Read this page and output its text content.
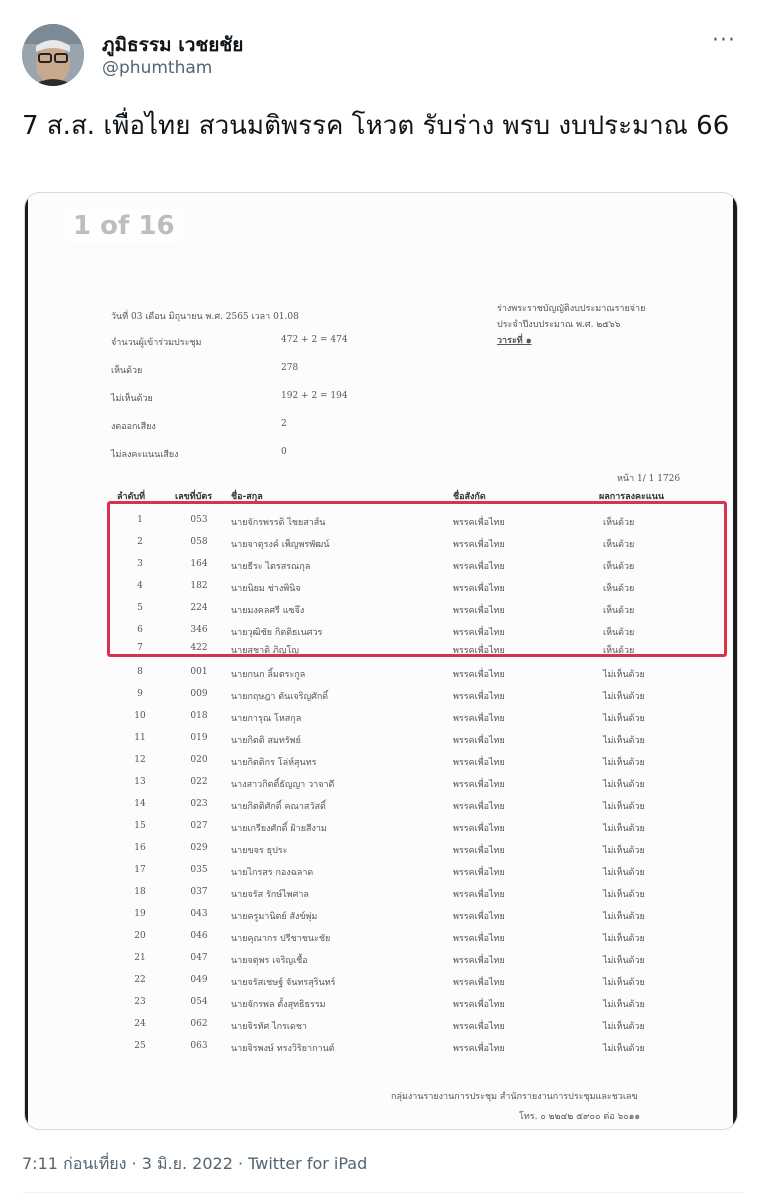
ภูมิธรรม เวชยชัย
@phumtham
···
7 ส.ส. เพื่อไทย สวนมติพรรค โหวต รับร่าง พรบ งบประมาณ 66
วันที่ 03 เดือน มิถุนายน พ.ศ. 2565 เวลา 01.08
ร่างพระราชบัญญัติงบประมาณรายจ่าย
ประจำปีงบประมาณ พ.ศ. ๒๕๖๖
วาระที่ ๑
จำนวนผู้เข้าร่วมประชุม	472 + 2 = 474
เห็นด้วย	278
ไม่เห็นด้วย	192 + 2 = 194
งดออกเสียง	2
ไม่ลงคะแนนเสียง	0
หน้า 1/ 1 1726
ลำดับที่	เลขที่บัตร ชื่อ-สกุล	ชื่อสังกัด	ผลการลงคะแนน
1	053	นายจักรพรรดิ ไชยสาส์น	พรรคเพื่อไทย	เห็นด้วย
2	058	นายจาตุรงค์ เพ็ญพรพัฒน์	พรรคเพื่อไทย	เห็นด้วย
3	164	นายธีระ ไตรสรณกุล	พรรคเพื่อไทย	เห็นด้วย
4	182	นายนิยม ช่างพินิจ	พรรคเพื่อไทย	เห็นด้วย
5	224	นายมงคลศรี แซจึง	พรรคเพื่อไทย	เห็นด้วย
6	346	นายวุฒิชัย กิตติธเนศวร	พรรคเพื่อไทย	เห็นด้วย
7	422	นายสุชาติ ภิญโญ	พรรคเพื่อไทย	เห็นด้วย
8	001	นายกนก ลิ้มตระกูล	พรรคเพื่อไทย	ไม่เห็นด้วย
9	009	นายกฤษฎา ตันเจริญศักดิ์	พรรคเพื่อไทย	ไม่เห็นด้วย
10	018	นายการุณ โหสกุล	พรรคเพื่อไทย	ไม่เห็นด้วย
11	019	นายกิตติ สมทรัพย์	พรรคเพื่อไทย	ไม่เห็นด้วย
12	020	นายกิตติกร โล่ห์สุนทร	พรรคเพื่อไทย	ไม่เห็นด้วย
13	022	นางสาวกิตติ์ธัญญา วาจาดี	พรรคเพื่อไทย	ไม่เห็นด้วย
14	023	นายกิตติศักดิ์ คณาสวัสดิ์	พรรคเพื่อไทย	ไม่เห็นด้วย
15	027	นายเกรียงศักดิ์ ฝ้ายสีงาม	พรรคเพื่อไทย	ไม่เห็นด้วย
16	029	นายขจร ธุประ	พรรคเพื่อไทย	ไม่เห็นด้วย
17	035	นายไกรสร กองฉลาด	พรรคเพื่อไทย	ไม่เห็นด้วย
18	037	นายจรัส รักษ์ไพศาล	พรรคเพื่อไทย	ไม่เห็นด้วย
19	043	นายครูมานิตย์ สังข์พุ่ม	พรรคเพื่อไทย	ไม่เห็นด้วย
20	046	นายคุณากร ปรีชาชนะชัย	พรรคเพื่อไทย	ไม่เห็นด้วย
21	047	นายจตุพร เจริญเชื้อ	พรรคเพื่อไทย	ไม่เห็นด้วย
22	049	นายจรัสเชษฐ์ จันทรสุรินทร์	พรรคเพื่อไทย	ไม่เห็นด้วย
23	054	นายจักรพล ตั้งสุทธิธรรม	พรรคเพื่อไทย	ไม่เห็นด้วย
24	062	นายจิรทัศ ไกรเดชา	พรรคเพื่อไทย	ไม่เห็นด้วย
25	063	นายจิรพงษ์ ทรงวิริยากานต์	พรรคเพื่อไทย	ไม่เห็นด้วย
กลุ่มงานรายงานการประชุม สำนักรายงานการประชุมและชวเลข
โทร. ๐ ๒๒๔๒ ๕๙๐๐ ต่อ ๖๐๑๑
1 of 16
7:11 ก่อนเที่ยง · 3 มิ.ย. 2022 · Twitter for iPad
